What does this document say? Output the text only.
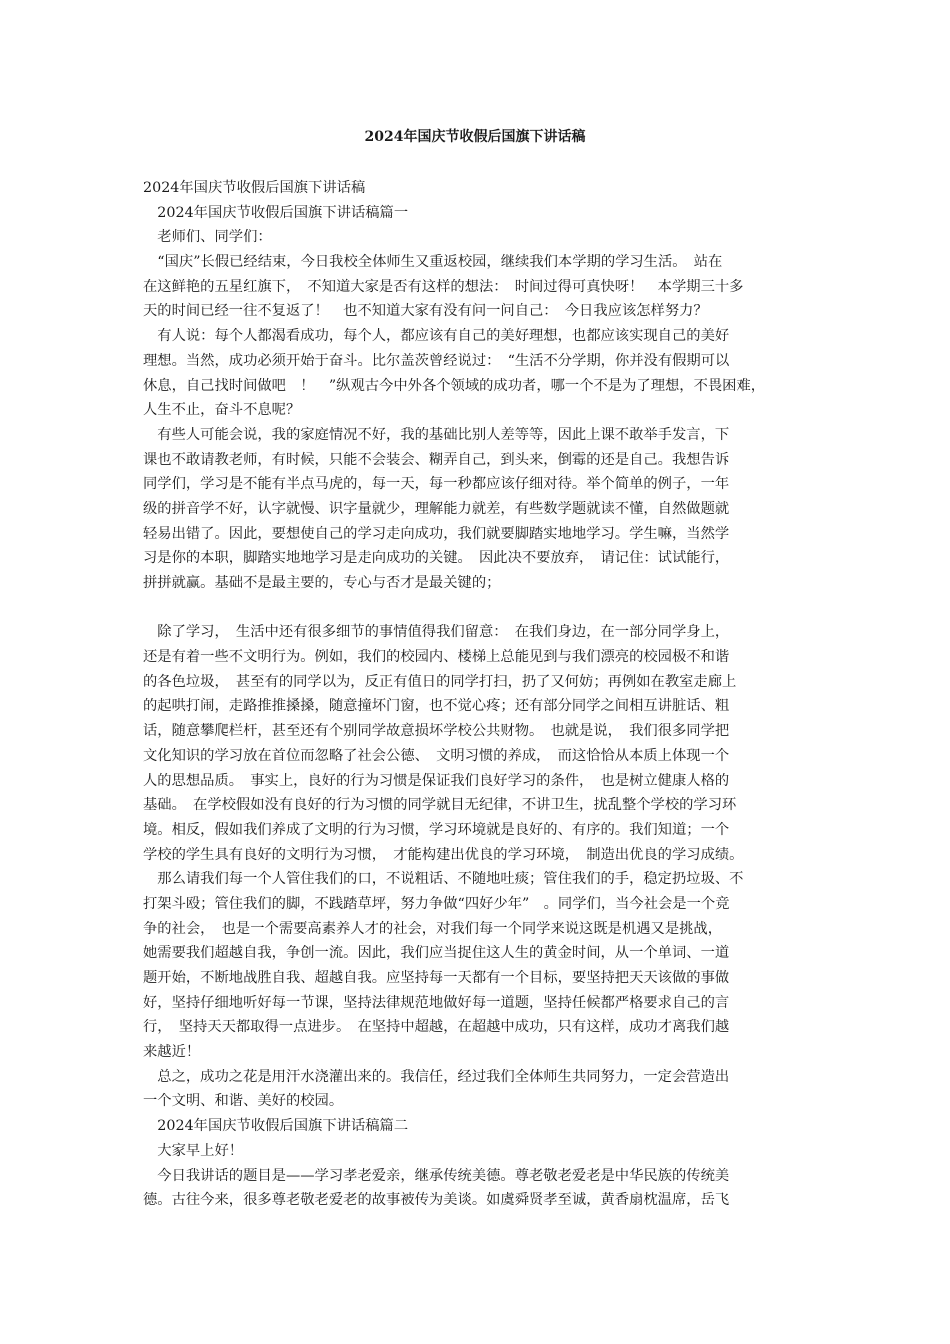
2024年国庆节收假后国旗下讲话稿
2024年国庆节收假后国旗下讲话稿
　2024年国庆节收假后国旗下讲话稿篇一
　老师们、同学们：
　“国庆”长假已经结束，今日我校全体师生又重返校园，继续我们本学期的学习生活。　站在
在这鲜艳的五星红旗下，　不知道大家是否有这样的想法：　时间过得可真快呀！　本学期三十多
天的时间已经一往不复返了！　也不知道大家有没有问一问自己：　今日我应该怎样努力？
　有人说：每个人都渴看成功，每个人，都应该有自己的美好理想，也都应该实现自己的美好
理想。当然，成功必须开始于奋斗。比尔盖茨曾经说过：　“生活不分学期，你并没有假期可以
休息，自己找时间做吧　！　”纵观古今中外各个领域的成功者，哪一个不是为了理想，不畏困难，
人生不止，奋斗不息呢？
　有些人可能会说，我的家庭情况不好，我的基础比别人差等等，因此上课不敢举手发言，下
课也不敢请教老师，有时候，只能不会装会、糊弄自己，到头来，倒霉的还是自己。我想告诉
同学们，学习是不能有半点马虎的，每一天，每一秒都应该仔细对待。举个简单的例子，一年
级的拼音学不好，认字就慢、识字量就少，理解能力就差，有些数学题就读不懂，自然做题就
轻易出错了。因此，要想使自己的学习走向成功，我们就要脚踏实地地学习。学生嘛，当然学
习是你的本职，脚踏实地地学习是走向成功的关键。　因此决不要放弃，　请记住：试试能行，
拼拼就赢。基础不是最主要的，专心与否才是最关键的；
　除了学习，　生活中还有很多细节的事情值得我们留意：　在我们身边，在一部分同学身上，
还是有着一些不文明行为。例如，我们的校园内、楼梯上总能见到与我们漂亮的校园极不和谐
的各色垃圾，　甚至有的同学以为，反正有值日的同学打扫，扔了又何妨；再例如在教室走廊上
的起哄打闹，走路推推搡搡，随意撞坏门窗，也不觉心疼；还有部分同学之间相互讲脏话、粗
话，随意攀爬栏杆，甚至还有个别同学故意损坏学校公共财物。　也就是说，　我们很多同学把
文化知识的学习放在首位而忽略了社会公德、　文明习惯的养成，　而这恰恰从本质上体现一个
人的思想品质。　事实上，良好的行为习惯是保证我们良好学习的条件，　也是树立健康人格的
基础。　在学校假如没有良好的行为习惯的同学就目无纪律，不讲卫生，扰乱整个学校的学习环
境。相反，假如我们养成了文明的行为习惯，学习环境就是良好的、有序的。我们知道；一个
学校的学生具有良好的文明行为习惯，　才能构建出优良的学习环境，　制造出优良的学习成绩。
　那么请我们每一个人管住我们的口，不说粗话、不随地吐痰；管住我们的手，稳定扔垃圾、不
打架斗殴；管住我们的脚，不践踏草坪，努力争做“四好少年”　。同学们，当今社会是一个竞
争的社会，　也是一个需要高素养人才的社会，对我们每一个同学来说这既是机遇又是挑战，
她需要我们超越自我，争创一流。因此，我们应当捉住这人生的黄金时间，从一个单词、一道
题开始，不断地战胜自我、超越自我。应坚持每一天都有一个目标，要坚持把天天该做的事做
好，坚持仔细地听好每一节课，坚持法律规范地做好每一道题，坚持任候都严格要求自己的言
行，　坚持天天都取得一点进步。　在坚持中超越，在超越中成功，只有这样，成功才离我们越
来越近！
　总之，成功之花是用汗水浇灌出来的。我信任，经过我们全体师生共同努力，一定会营造出
一个文明、和谐、美好的校园。
　2024年国庆节收假后国旗下讲话稿篇二
　大家早上好！
　今日我讲话的题目是——学习孝老爱亲，继承传统美德。尊老敬老爱老是中华民族的传统美
德。古往今来，很多尊老敬老爱老的故事被传为美谈。如虞舜贤孝至诚，黄香扇枕温席，岳飞
